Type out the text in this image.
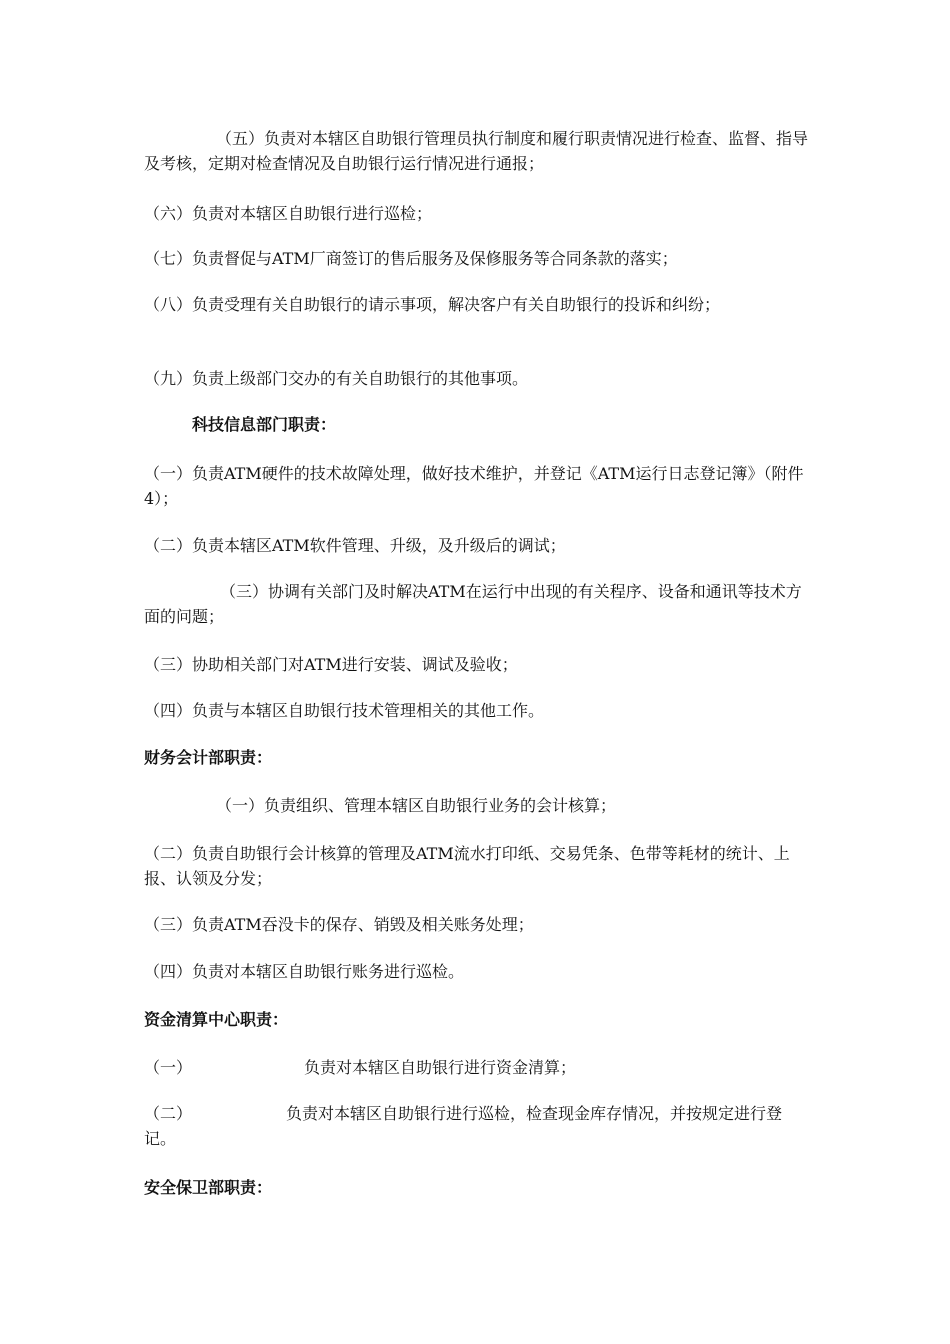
（五）负责对本辖区自助银行管理员执行制度和履行职责情况进行检查、监督、指导及考核，定期对检查情况及自助银行运行情况进行通报；

（六）负责对本辖区自助银行进行巡检；

（七）负责督促与ATM厂商签订的售后服务及保修服务等合同条款的落实；

（八）负责受理有关自助银行的请示事项，解决客户有关自助银行的投诉和纠纷；

（九）负责上级部门交办的有关自助银行的其他事项。

科技信息部门职责：

（一）负责ATM硬件的技术故障处理，做好技术维护，并登记《ATM运行日志登记簿》（附件4）；

（二）负责本辖区ATM软件管理、升级，及升级后的调试；

（三）协调有关部门及时解决ATM在运行中出现的有关程序、设备和通讯等技术方面的问题；

（三）协助相关部门对ATM进行安装、调试及验收；

（四）负责与本辖区自助银行技术管理相关的其他工作。

财务会计部职责：

（一）负责组织、管理本辖区自助银行业务的会计核算；

（二）负责自助银行会计核算的管理及ATM流水打印纸、交易凭条、色带等耗材的统计、上报、认领及分发；

（三）负责ATM吞没卡的保存、销毁及相关账务处理；

（四）负责对本辖区自助银行账务进行巡检。

资金清算中心职责：

（一）	负责对本辖区自助银行进行资金清算；

（二）	负责对本辖区自助银行进行巡检，检查现金库存情况，并按规定进行登记。

安全保卫部职责：
